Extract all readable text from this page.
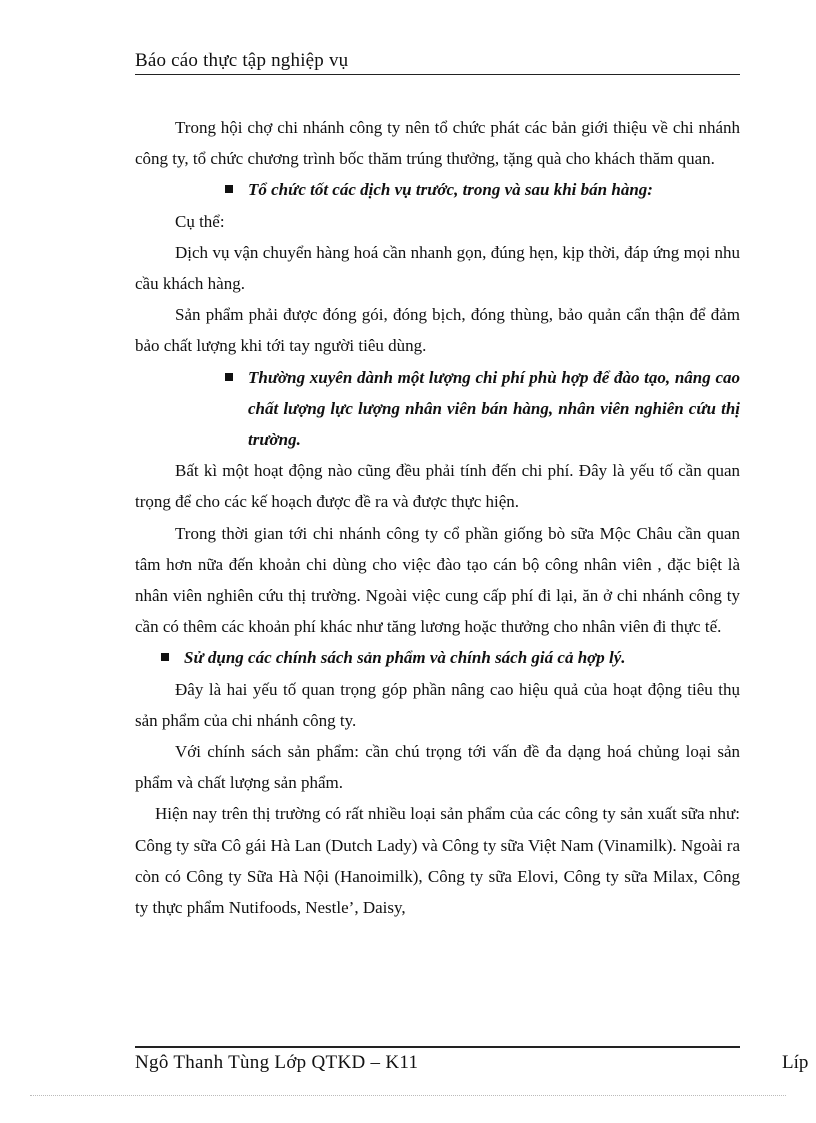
Báo cáo thực tập nghiệp vụ

Trong hội chợ chi nhánh công ty nên tổ chức phát các bản giới thiệu về chi nhánh công ty, tổ chức chương trình bốc thăm trúng thưởng, tặng quà cho khách thăm quan.

Tổ chức tốt các dịch vụ trước, trong và sau khi bán hàng:

Cụ thể:

Dịch vụ vận chuyển hàng hoá cần nhanh gọn, đúng hẹn, kịp thời, đáp ứng mọi nhu cầu khách hàng.

Sản phẩm phải được đóng gói, đóng bịch, đóng thùng, bảo quản cẩn thận để đảm bảo chất lượng khi tới tay người tiêu dùng.

Thường xuyên dành một lượng chi phí phù hợp để đào tạo, nâng cao chất lượng lực lượng nhân viên bán hàng, nhân viên nghiên cứu thị trường.

Bất kì một hoạt động nào cũng đều phải tính đến chi phí. Đây là yếu tố cần quan trọng để cho các kế hoạch được đề ra và được thực hiện.

Trong thời gian tới chi nhánh công ty cổ phần giống bò sữa Mộc Châu cần quan tâm hơn nữa đến khoản chi dùng cho việc đào tạo cán bộ công nhân viên , đặc biệt là nhân viên nghiên cứu thị trường. Ngoài việc cung cấp phí đi lại, ăn ở chi nhánh công ty cần có thêm các khoản phí khác như tăng lương hoặc thưởng cho nhân viên đi thực tế.

Sử dụng các chính sách sản phẩm và chính sách giá cả hợp lý.

Đây là hai yếu tố quan trọng góp phần nâng cao hiệu quả của hoạt động tiêu thụ sản phẩm của chi nhánh công ty.

Với chính sách sản phẩm: cần chú trọng tới vấn đề đa dạng hoá chủng loại sản phẩm và chất lượng sản phẩm.

Hiện nay trên thị trường có rất nhiều loại sản phẩm của các công ty sản xuất sữa như: Công ty sữa Cô gái Hà Lan (Dutch Lady) và Công ty sữa Việt Nam (Vinamilk). Ngoài ra còn có Công ty Sữa Hà Nội (Hanoimilk), Công ty sữa Elovi, Công ty sữa Milax, Công ty thực phẩm Nutifoods, Nestle’, Daisy,

Ngô Thanh Tùng Lớp QTKD – K11	Líp
